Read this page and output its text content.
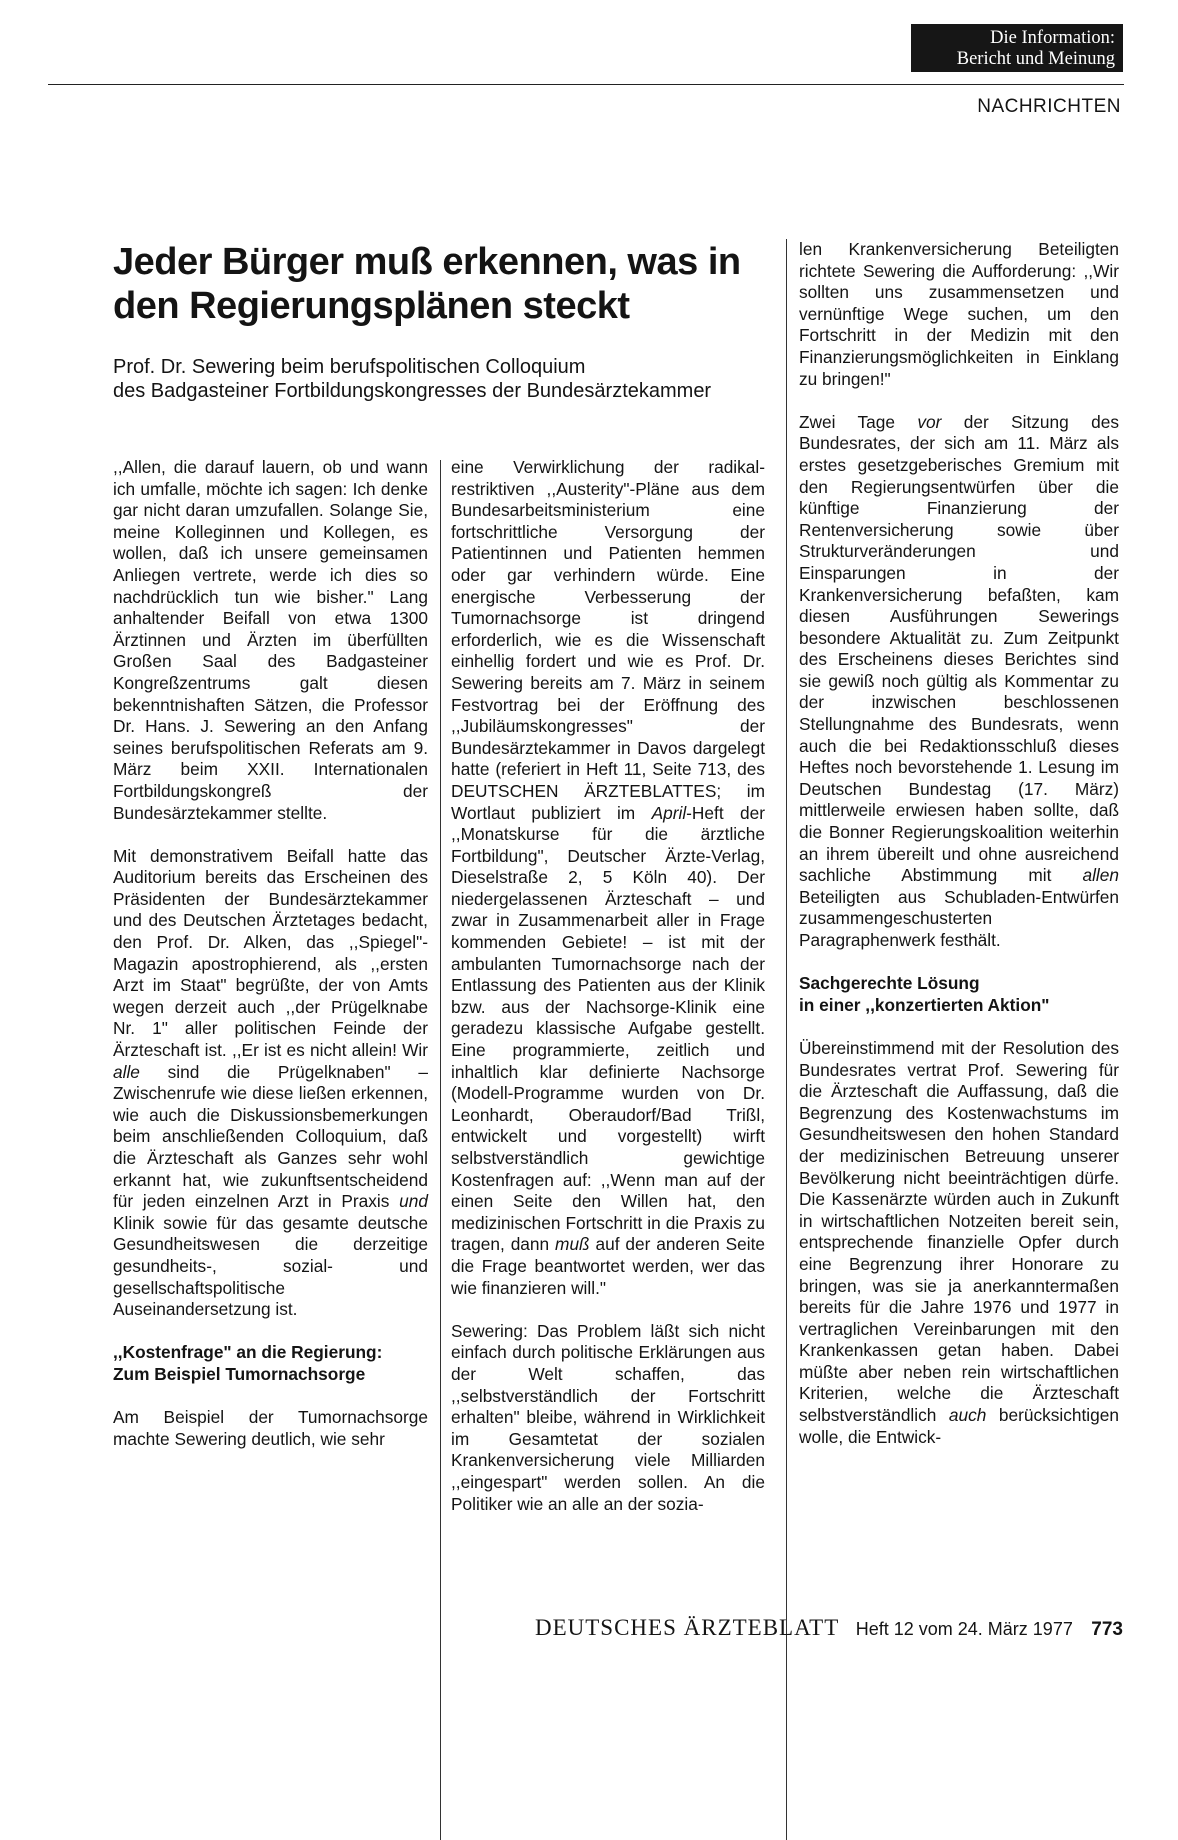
Die Information:
Bericht und Meinung
NACHRICHTEN
Jeder Bürger muß erkennen, was in den Regierungsplänen steckt

Prof. Dr. Sewering beim berufspolitischen Colloquium
des Badgasteiner Fortbildungskongresses der Bundesärztekammer

,,Allen, die darauf lauern, ob und wann ich umfalle, möchte ich sagen: Ich denke gar nicht daran umzufallen. Solange Sie, meine Kolleginnen und Kollegen, es wollen, daß ich unsere gemeinsamen Anliegen vertrete, werde ich dies so nachdrücklich tun wie bisher." Lang anhaltender Beifall von etwa 1300 Ärztinnen und Ärzten im überfüllten Großen Saal des Badgasteiner Kongreßzentrums galt diesen bekenntnishaften Sätzen, die Professor Dr. Hans. J. Sewering an den Anfang seines berufspolitischen Referats am 9. März beim XXII. Internationalen Fortbildungskongreß der Bundesärztekammer stellte.

Mit demonstrativem Beifall hatte das Auditorium bereits das Erscheinen des Präsidenten der Bundesärztekammer und des Deutschen Ärztetages bedacht, den Prof. Dr. Alken, das ,,Spiegel"-Magazin apostrophierend, als ,,ersten Arzt im Staat" begrüßte, der von Amts wegen derzeit auch ,,der Prügelknabe Nr. 1" aller politischen Feinde der Ärzteschaft ist. ,,Er ist es nicht allein! Wir alle sind die Prügelknaben" – Zwischenrufe wie diese ließen erkennen, wie auch die Diskussionsbemerkungen beim anschließenden Colloquium, daß die Ärzteschaft als Ganzes sehr wohl erkannt hat, wie zukunftsentscheidend für jeden einzelnen Arzt in Praxis und Klinik sowie für das gesamte deutsche Gesundheitswesen die derzeitige gesundheits-, sozial- und gesellschaftspolitische Auseinandersetzung ist.

,,Kostenfrage" an die Regierung:
Zum Beispiel Tumornachsorge

Am Beispiel der Tumornachsorge machte Sewering deutlich, wie sehr

eine Verwirklichung der radikal-restriktiven ,,Austerity"-Pläne aus dem Bundesarbeitsministerium eine fortschrittliche Versorgung der Patientinnen und Patienten hemmen oder gar verhindern würde. Eine energische Verbesserung der Tumornachsorge ist dringend erforderlich, wie es die Wissenschaft einhellig fordert und wie es Prof. Dr. Sewering bereits am 7. März in seinem Festvortrag bei der Eröffnung des ,,Jubiläumskongresses" der Bundesärztekammer in Davos dargelegt hatte (referiert in Heft 11, Seite 713, des DEUTSCHEN ÄRZTEBLATTES; im Wortlaut publiziert im April-Heft der ,,Monatskurse für die ärztliche Fortbildung", Deutscher Ärzte-Verlag, Dieselstraße 2, 5 Köln 40). Der niedergelassenen Ärzteschaft – und zwar in Zusammenarbeit aller in Frage kommenden Gebiete! – ist mit der ambulanten Tumornachsorge nach der Entlassung des Patienten aus der Klinik bzw. aus der Nachsorge-Klinik eine geradezu klassische Aufgabe gestellt. Eine programmierte, zeitlich und inhaltlich klar definierte Nachsorge (Modell-Programme wurden von Dr. Leonhardt, Oberaudorf/Bad Trißl, entwickelt und vorgestellt) wirft selbstverständlich gewichtige Kostenfragen auf: ,,Wenn man auf der einen Seite den Willen hat, den medizinischen Fortschritt in die Praxis zu tragen, dann muß auf der anderen Seite die Frage beantwortet werden, wer das wie finanzieren will."

Sewering: Das Problem läßt sich nicht einfach durch politische Erklärungen aus der Welt schaffen, das ,,selbstverständlich der Fortschritt erhalten" bleibe, während in Wirklichkeit im Gesamtetat der sozialen Krankenversicherung viele Milliarden ,,eingespart" werden sollen. An die Politiker wie an alle an der sozia-

len Krankenversicherung Beteiligten richtete Sewering die Aufforderung: ,,Wir sollten uns zusammensetzen und vernünftige Wege suchen, um den Fortschritt in der Medizin mit den Finanzierungsmöglichkeiten in Einklang zu bringen!"

Zwei Tage vor der Sitzung des Bundesrates, der sich am 11. März als erstes gesetzgeberisches Gremium mit den Regierungsentwürfen über die künftige Finanzierung der Rentenversicherung sowie über Strukturveränderungen und Einsparungen in der Krankenversicherung befaßten, kam diesen Ausführungen Sewerings besondere Aktualität zu. Zum Zeitpunkt des Erscheinens dieses Berichtes sind sie gewiß noch gültig als Kommentar zu der inzwischen beschlossenen Stellungnahme des Bundesrats, wenn auch die bei Redaktionsschluß dieses Heftes noch bevorstehende 1. Lesung im Deutschen Bundestag (17. März) mittlerweile erwiesen haben sollte, daß die Bonner Regierungskoalition weiterhin an ihrem übereilt und ohne ausreichend sachliche Abstimmung mit allen Beteiligten aus Schubladen-Entwürfen zusammengeschusterten Paragraphenwerk festhält.

Sachgerechte Lösung
in einer ,,konzertierten Aktion"

Übereinstimmend mit der Resolution des Bundesrates vertrat Prof. Sewering für die Ärzteschaft die Auffassung, daß die Begrenzung des Kostenwachstums im Gesundheitswesen den hohen Standard der medizinischen Betreuung unserer Bevölkerung nicht beeinträchtigen dürfe. Die Kassenärzte würden auch in Zukunft in wirtschaftlichen Notzeiten bereit sein, entsprechende finanzielle Opfer durch eine Begrenzung ihrer Honorare zu bringen, was sie ja anerkanntermaßen bereits für die Jahre 1976 und 1977 in vertraglichen Vereinbarungen mit den Krankenkassen getan haben. Dabei müßte aber neben rein wirtschaftlichen Kriterien, welche die Ärzteschaft selbstverständlich auch berücksichtigen wolle, die Entwick-

DEUTSCHES ÄRZTEBLATT Heft 12 vom 24. März 1977 773
